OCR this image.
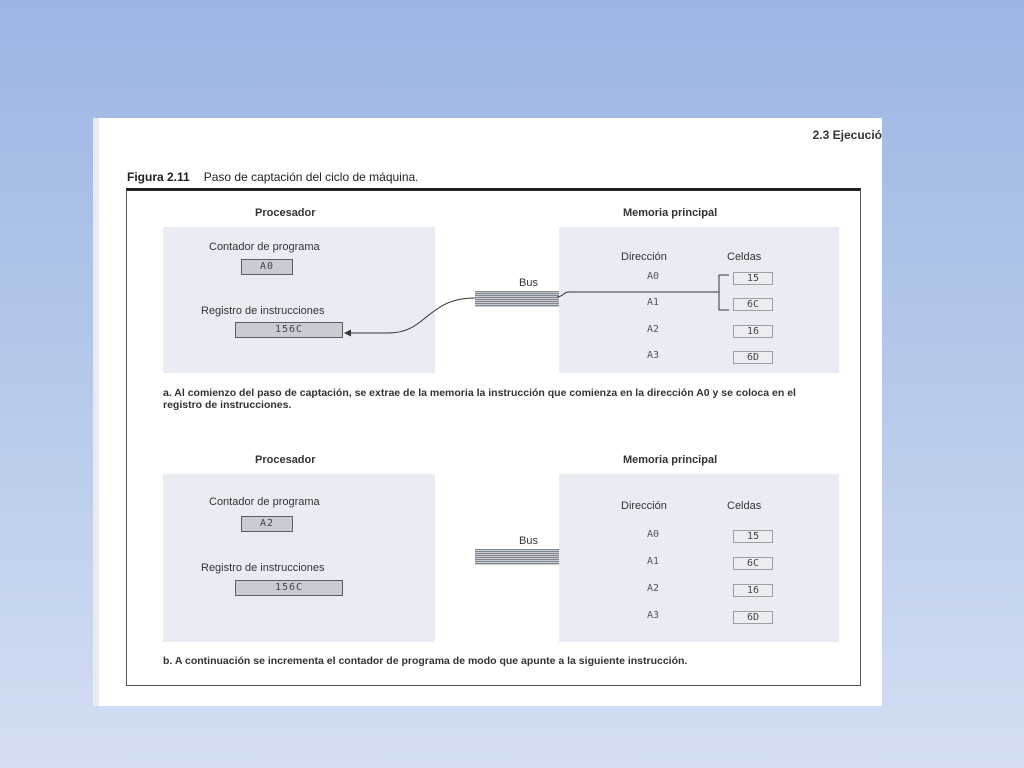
2.3 Ejecució
Figura 2.11 Paso de captación del ciclo de máquina.
Procesador	Memoria principal
Contador de programa
A0
Registro de instrucciones
156C
Bus
Dirección	Celdas
A0	15
A1	6C
A2	16
A3	6D
a. Al comienzo del paso de captación, se extrae de la memoria la instrucción que comienza en la dirección A0 y se coloca en el registro de instrucciones.
Procesador	Memoria principal
Contador de programa
A2
Registro de instrucciones
156C
Bus
Dirección	Celdas
A0	15
A1	6C
A2	16
A3	6D
b. A continuación se incrementa el contador de programa de modo que apunte a la siguiente instrucción.
